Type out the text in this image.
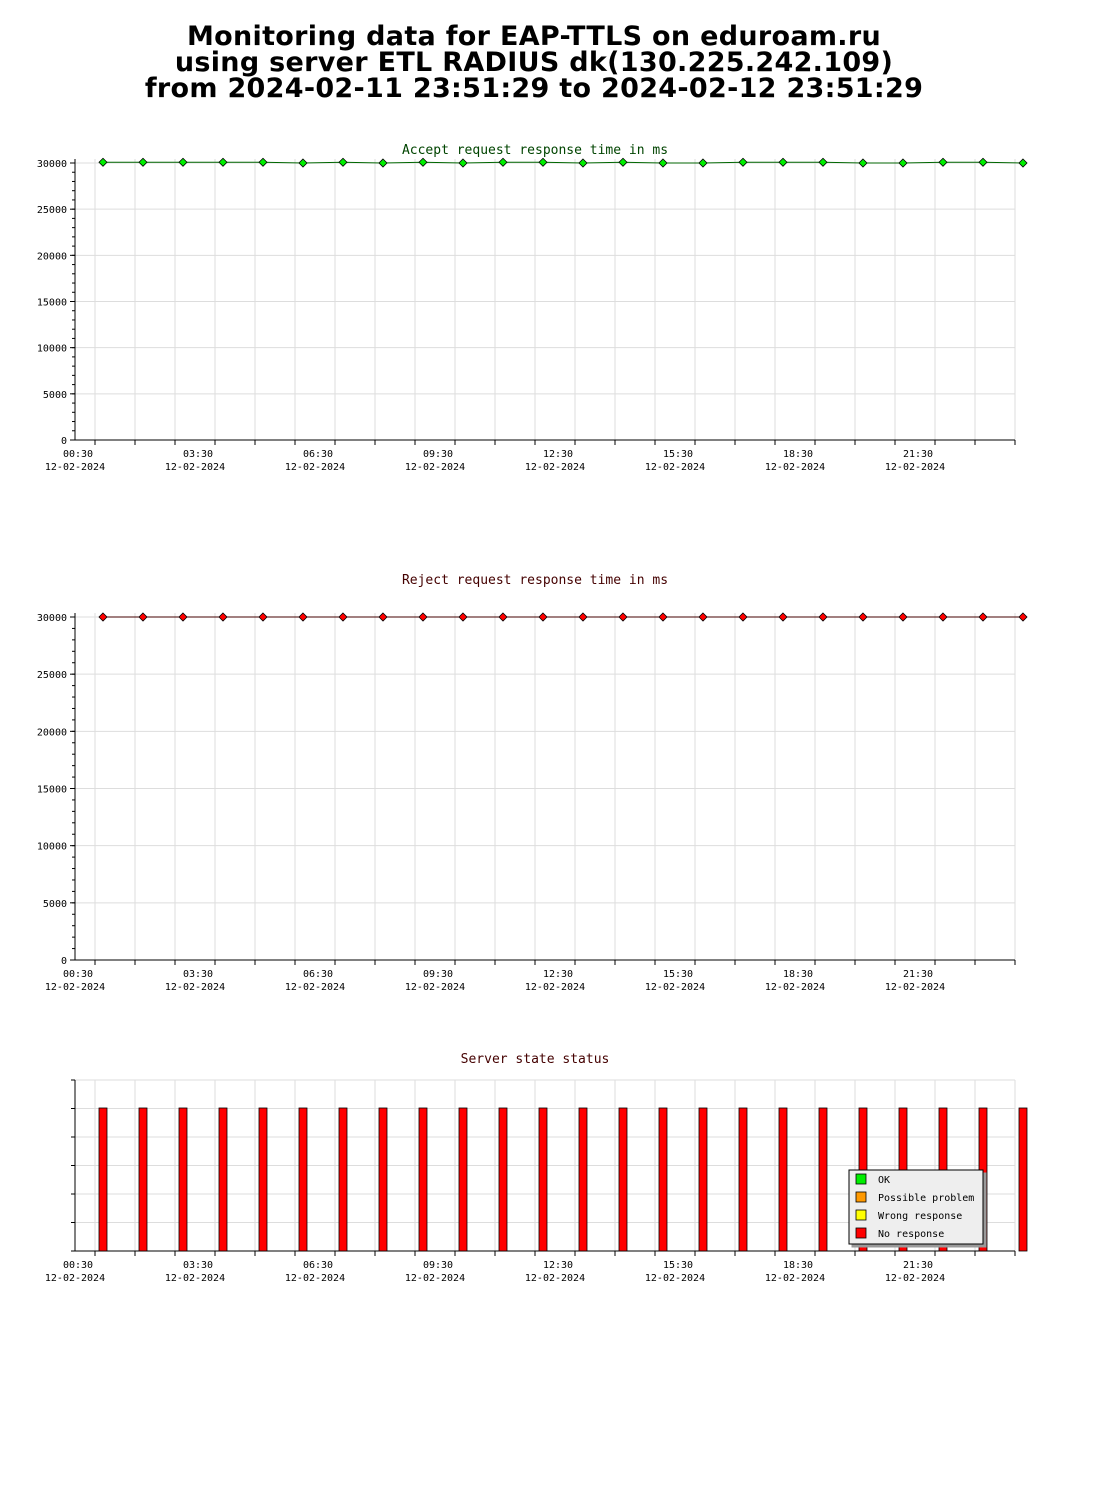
Monitoring data for EAP-TTLS on eduroam.ru
using server ETL RADIUS dk(130.225.242.109)
from 2024-02-11 23:51:29 to 2024-02-12 23:51:29
Accept request response time in ms
00:30
12-02-2024
03:30
12-02-2024
06:30
12-02-2024
09:30
12-02-2024
12:30
12-02-2024
15:30
12-02-2024
18:30
12-02-2024
21:30
12-02-2024
0
5000
10000
15000
20000
25000
30000
Reject request response time in ms
00:30
12-02-2024
03:30
12-02-2024
06:30
12-02-2024
09:30
12-02-2024
12:30
12-02-2024
15:30
12-02-2024
18:30
12-02-2024
21:30
12-02-2024
0
5000
10000
15000
20000
25000
30000
Server state status
00:30
12-02-2024
03:30
12-02-2024
06:30
12-02-2024
09:30
12-02-2024
12:30
12-02-2024
15:30
12-02-2024
18:30
12-02-2024
21:30
12-02-2024
OK
Possible problem
Wrong response
No response
